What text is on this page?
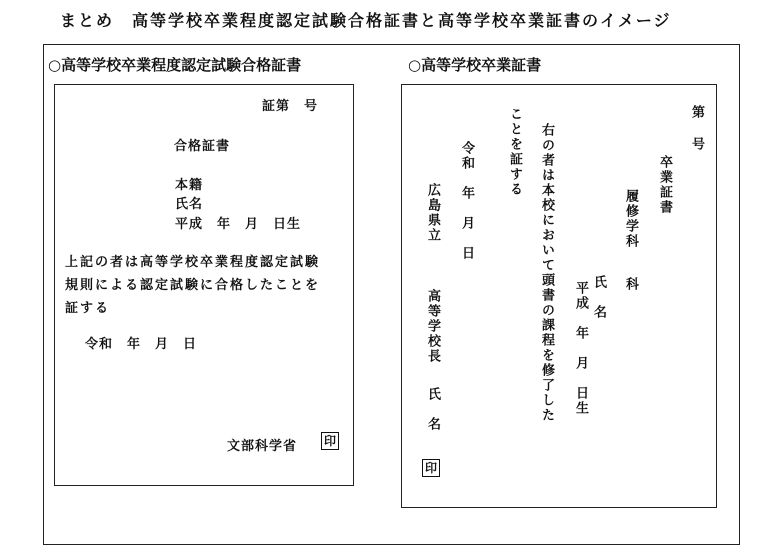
まとめ　高等学校卒業程度認定試験合格証書と高等学校卒業証書のイメージ
○高等学校卒業程度認定試験合格証書
証第　号
合格証書
本籍
氏名
平成　年　月　日生
上記の者は高等学校卒業程度認定試験
規則による認定試験に合格したことを
証する
令和　年　月　日
文部科学省 印
○高等学校卒業証書
第
号
卒業証書
履修学科
科
氏　名
平成　年　月　日生
右の者は本校において頭書の課程を修了した
ことを証する
令和　年　月　日
広島県立
高等学校長
氏　名
印
